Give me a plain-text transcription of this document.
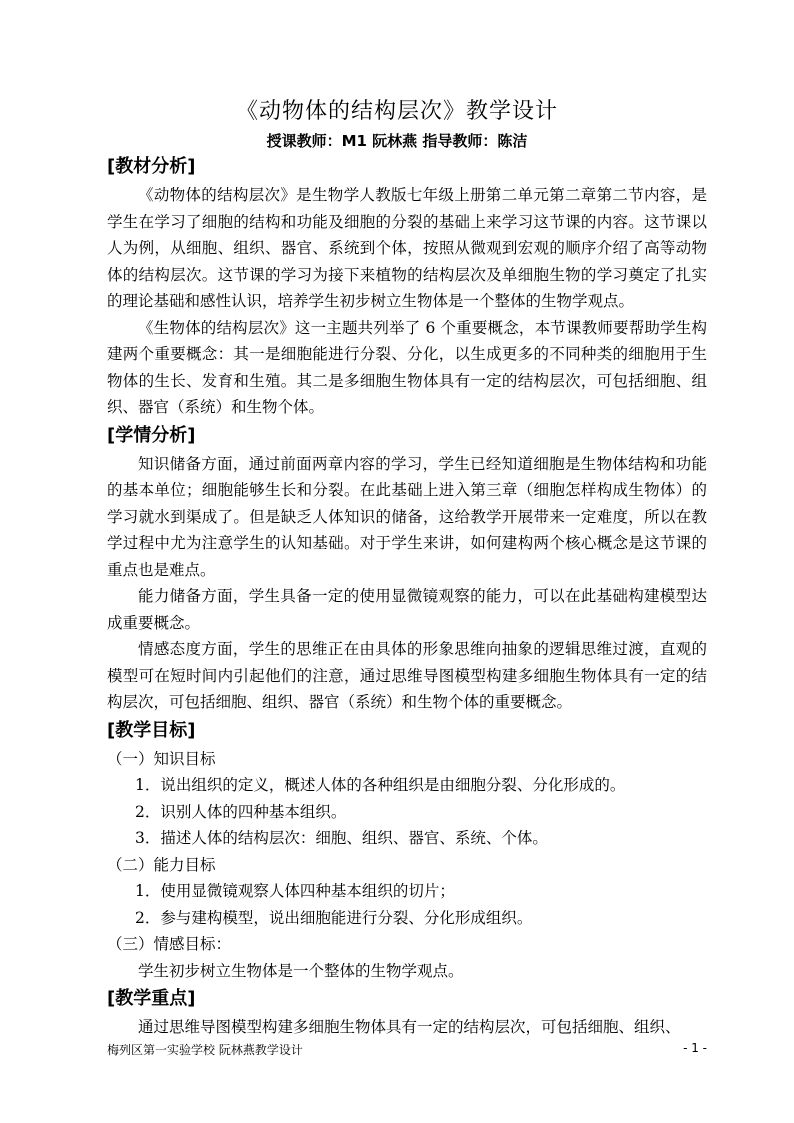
《动物体的结构层次》教学设计
授课教师：M1 阮林燕 指导教师：陈洁

[教材分析]

《动物体的结构层次》是生物学人教版七年级上册第二单元第二章第二节内容，是学生在学习了细胞的结构和功能及细胞的分裂的基础上来学习这节课的内容。这节课以人为例，从细胞、组织、器官、系统到个体，按照从微观到宏观的顺序介绍了高等动物体的结构层次。这节课的学习为接下来植物的结构层次及单细胞生物的学习奠定了扎实的理论基础和感性认识，培养学生初步树立生物体是一个整体的生物学观点。

《生物体的结构层次》这一主题共列举了 6 个重要概念，本节课教师要帮助学生构建两个重要概念：其一是细胞能进行分裂、分化，以生成更多的不同种类的细胞用于生物体的生长、发育和生殖。其二是多细胞生物体具有一定的结构层次，可包括细胞、组织、器官（系统）和生物个体。

[学情分析]

知识储备方面，通过前面两章内容的学习，学生已经知道细胞是生物体结构和功能的基本单位；细胞能够生长和分裂。在此基础上进入第三章（细胞怎样构成生物体）的学习就水到渠成了。但是缺乏人体知识的储备，这给教学开展带来一定难度，所以在教学过程中尤为注意学生的认知基础。对于学生来讲，如何建构两个核心概念是这节课的重点也是难点。

能力储备方面，学生具备一定的使用显微镜观察的能力，可以在此基础构建模型达成重要概念。

情感态度方面，学生的思维正在由具体的形象思维向抽象的逻辑思维过渡，直观的模型可在短时间内引起他们的注意，通过思维导图模型构建多细胞生物体具有一定的结构层次，可包括细胞、组织、器官（系统）和生物个体的重要概念。

[教学目标]

（一）知识目标

1．说出组织的定义，概述人体的各种组织是由细胞分裂、分化形成的。

2．识别人体的四种基本组织。

3．描述人体的结构层次：细胞、组织、器官、系统、个体。

（二）能力目标

1．使用显微镜观察人体四种基本组织的切片；

2．参与建构模型，说出细胞能进行分裂、分化形成组织。

（三）情感目标：

学生初步树立生物体是一个整体的生物学观点。

[教学重点]

通过思维导图模型构建多细胞生物体具有一定的结构层次，可包括细胞、组织、

梅列区第一实验学校 阮林燕教学设计	- 1 -
